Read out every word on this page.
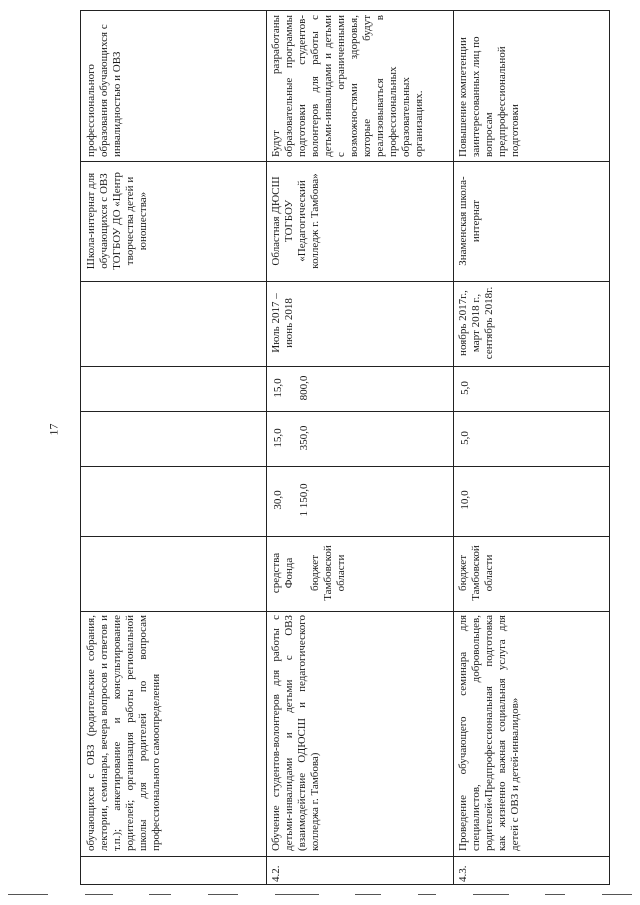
17
обучающихся с ОВЗ (родительские собрания, лектории, семинары, вечера вопросов и ответов и т.п.); анкетирование и консультирование родителей; организация работы региональной школы для родителей по вопросам профессионального самоопределения
Школа-интернат для обучающихся с ОВЗ ТОГБОУ ДО «Центр творчества детей и юношества»
профессионального образования обучающихся с инвалидностью и ОВЗ
4.2.
Обучение студентов-волонтеров для работы с детьми-инвалидами и детьми с ОВЗ (взаимодействие ОДЮСШ и педагогического колледжа г. Тамбова)
средства Фонда

бюджет Тамбовской области
30,0

1 150,0
15,0

350,0
15,0

800,0
Июль 2017 – июнь 2018
Областная ДЮСШ ТОГБОУ «Педагогический колледж г. Тамбова»
Будут разработаны образовательные программы подготовки студентов-волонтеров для работы с детьми-инвалидами и детьми с ограниченными возможностями здоровья, которые будут реализовываться в профессиональных образовательных организациях.
4.3.
Проведение обучающего семинара для специалистов, добровольцев, родителей«Предпрофессиональная подготовка как жизненно важная социальная услуга для детей с ОВЗ и детей-инвалидов»
бюджет Тамбовской области
10,0
5,0
5,0
ноябрь 2017г., март 2018 г., сентябрь 2018г.
Знаменская школа-интернат
Повышение компетенции заинтересованных лиц по вопросам предпрофессиональной подготовки
